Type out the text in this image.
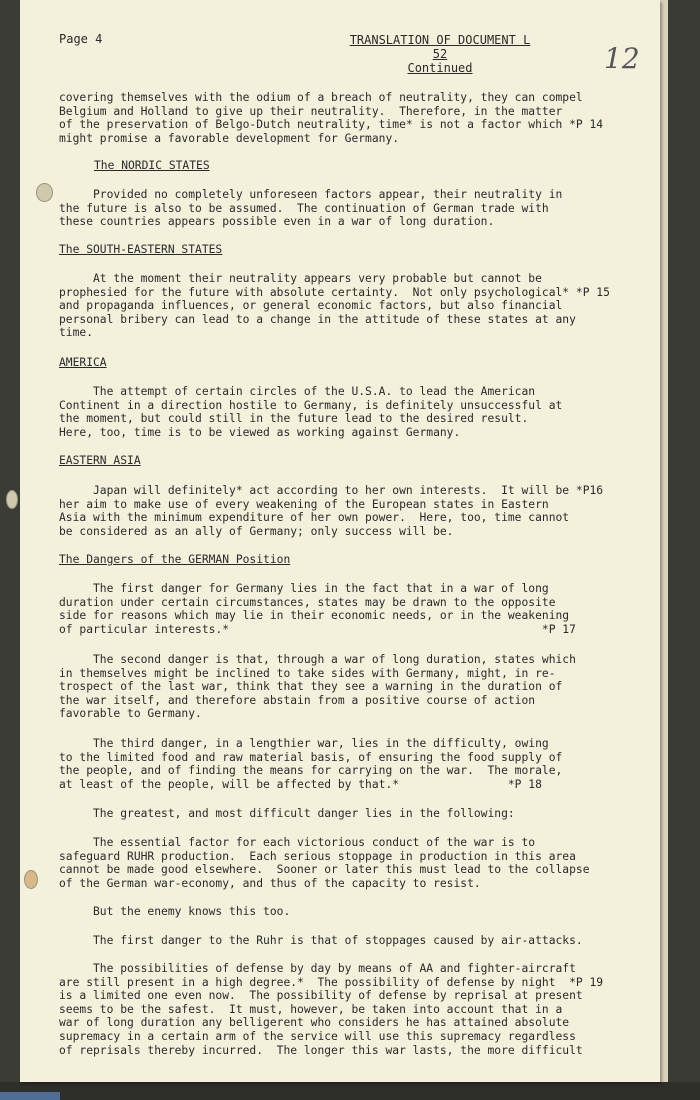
Page 4	TRANSLATION OF DOCUMENT L 52
Continued	12
covering themselves with the odium of a breach of neutrality, they can compel
Belgium and Holland to give up their neutrality.  Therefore, in the matter
of the preservation of Belgo-Dutch neutrality, time* is not a factor which *P 14
might promise a favorable development for Germany.
The NORDIC STATES
Provided no completely unforeseen factors appear, their neutrality in
the future is also to be assumed.  The continuation of German trade with
these countries appears possible even in a war of long duration.
The SOUTH-EASTERN STATES
At the moment their neutrality appears very probable but cannot be
prophesied for the future with absolute certainty.  Not only psychological* *P 15
and propaganda influences, or general economic factors, but also financial
personal bribery can lead to a change in the attitude of these states at any
time.
AMERICA
The attempt of certain circles of the U.S.A. to lead the American
Continent in a direction hostile to Germany, is definitely unsuccessful at
the moment, but could still in the future lead to the desired result.
Here, too, time is to be viewed as working against Germany.
EASTERN ASIA
Japan will definitely* act according to her own interests.  It will be *P16
her aim to make use of every weakening of the European states in Eastern
Asia with the minimum expenditure of her own power.  Here, too, time cannot
be considered as an ally of Germany; only success will be.
The Dangers of the GERMAN Position
The first danger for Germany lies in the fact that in a war of long
duration under certain circumstances, states may be drawn to the opposite
side for reasons which may lie in their economic needs, or in the weakening
of particular interests.*                                              *P 17
The second danger is that, through a war of long duration, states which
in themselves might be inclined to take sides with Germany, might, in re-
trospect of the last war, think that they see a warning in the duration of
the war itself, and therefore abstain from a positive course of action
favorable to Germany.
The third danger, in a lengthier war, lies in the difficulty, owing
to the limited food and raw material basis, of ensuring the food supply of
the people, and of finding the means for carrying on the war.  The morale,
at least of the people, will be affected by that.*                *P 18
The greatest, and most difficult danger lies in the following:
The essential factor for each victorious conduct of the war is to
safeguard RUHR production.  Each serious stoppage in production in this area
cannot be made good elsewhere.  Sooner or later this must lead to the collapse
of the German war-economy, and thus of the capacity to resist.
But the enemy knows this too.
The first danger to the Ruhr is that of stoppages caused by air-attacks.
The possibilities of defense by day by means of AA and fighter-aircraft
are still present in a high degree.*  The possibility of defense by night  *P 19
is a limited one even now.  The possibility of defense by reprisal at present
seems to be the safest.  It must, however, be taken into account that in a
war of long duration any belligerent who considers he has attained absolute
supremacy in a certain arm of the service will use this supremacy regardless
of reprisals thereby incurred.  The longer this war lasts, the more difficult
